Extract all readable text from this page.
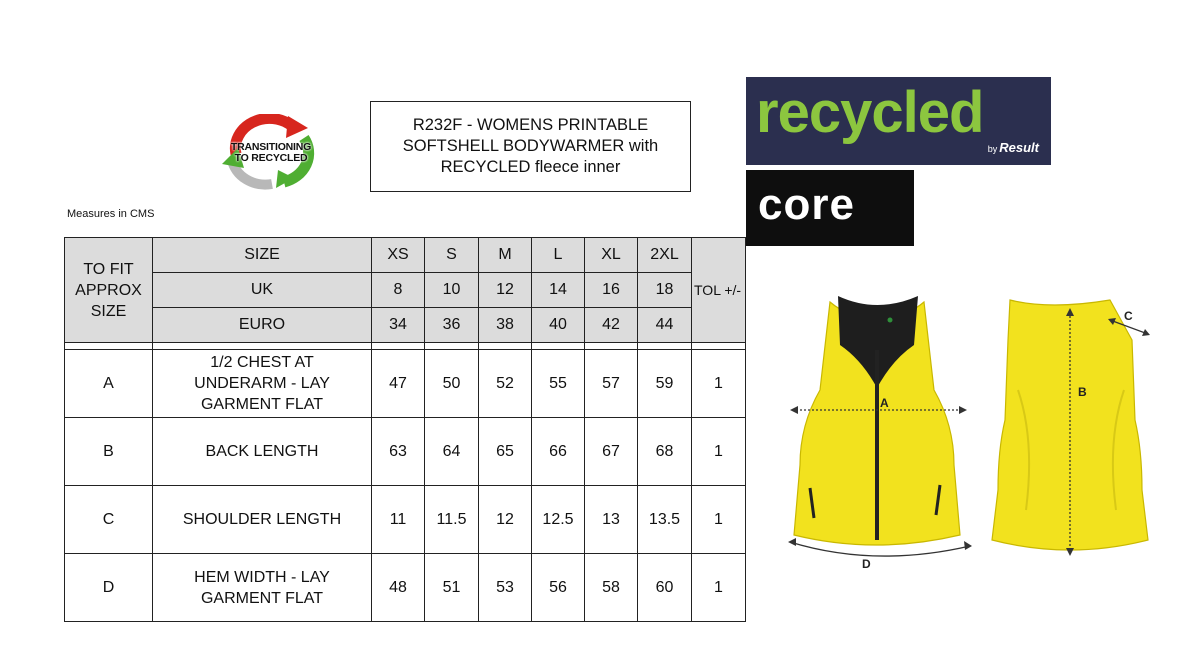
TRANSITIONING
TO RECYCLED
R232F - WOMENS PRINTABLE
SOFTSHELL BODYWARMER with
RECYCLED fleece inner
Measures in CMS
recycled
by Result
core
TO FIT
APPROX
SIZE	SIZE	XS	S	M	L	XL	2XL	TOL +/-
	UK	8	10	12	14	16	18	
	EURO	34	36	38	40	42	44	

A	1/2 CHEST AT
UNDERARM - LAY
GARMENT FLAT	47	50	52	55	57	59	1
B	BACK LENGTH	63	64	65	66	67	68	1
C	SHOULDER LENGTH	11	11.5	12	12.5	13	13.5	1
D	HEM WIDTH - LAY
GARMENT FLAT	48	51	53	56	58	60	1
A
D
B
C
